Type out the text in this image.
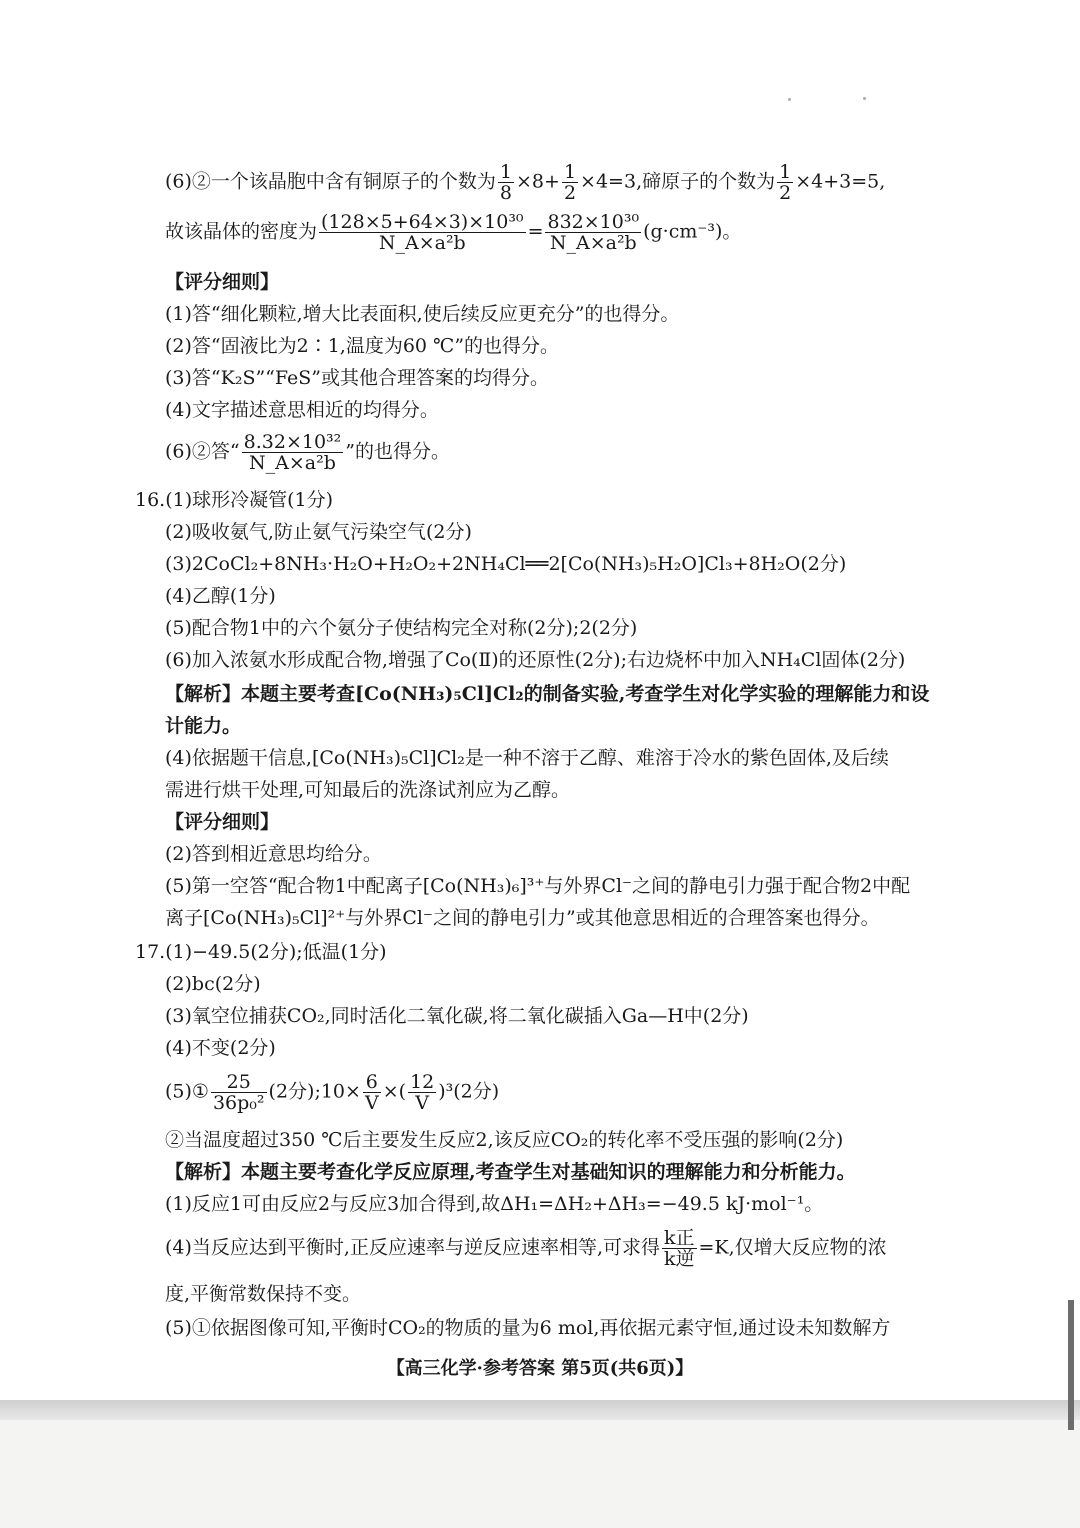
(6)②一个该晶胞中含有铜原子的个数为 $\frac{1}{8} \times 8+ \frac{1}{2} \times 4=3$,碲原子的个数为 $\frac{1}{2} \times 4+3=5$,
故该晶体的密度为 $\frac{\text{(128×5+64×3)×10³⁰}}{\text{N\_A×a²b}} = \frac{\text{832×10³⁰}}{\text{N\_A×a²b}} (g\cdot cm^{-3})$。
【评分细则】
(1)答“细化颗粒,增大比表面积,使后续反应更充分”的也得分。
(2)答“固液比为2∶1,温度为60 ℃”的也得分。
(3)答“K₂S”“FeS”或其他合理答案的均得分。
(4)文字描述意思相近的均得分。
(6)②答“ $\frac{\text{8.32×10³²}}{\text{N\_A×a²b}}$ ”的也得分。
16.(1)球形冷凝管(1分)
(2)吸收氨气,防止氨气污染空气(2分)
(3)2CoCl₂+8NH₃·H₂O+H₂O₂+2NH₄Cl══2[Co(NH₃)₅H₂O]Cl₃+8H₂O(2分)
(4)乙醇(1分)
(5)配合物1中的六个氨分子使结构完全对称(2分);2(2分)
(6)加入浓氨水形成配合物,增强了Co(Ⅱ)的还原性(2分);右边烧杯中加入NH₄Cl固体(2分)
【解析】本题主要考查[Co(NH₃)₅Cl]Cl₂的制备实验,考查学生对化学实验的理解能力和设
计能力。
(4)依据题干信息,[Co(NH₃)₅Cl]Cl₂是一种不溶于乙醇、难溶于冷水的紫色固体,及后续
需进行烘干处理,可知最后的洗涤试剂应为乙醇。
【评分细则】
(2)答到相近意思均给分。
(5)第一空答“配合物1中配离子[Co(NH₃)₆]³⁺与外界Cl⁻之间的静电引力强于配合物2中配
离子[Co(NH₃)₅Cl]²⁺与外界Cl⁻之间的静电引力”或其他意思相近的合理答案也得分。
17.(1)−49.5(2分);低温(1分)
(2)bc(2分)
(3)氧空位捕获CO₂,同时活化二氧化碳,将二氧化碳插入Ga—H中(2分)
(4)不变(2分)
(5)① $\frac{25}{\text{36p₀²}} (2$分);10× $\frac{6}{V}$ ×( $\frac{12}{V} )^3(2$分)
②当温度超过350 ℃后主要发生反应2,该反应CO₂的转化率不受压强的影响(2分)
【解析】本题主要考查化学反应原理,考查学生对基础知识的理解能力和分析能力。
(1)反应1可由反应2与反应3加合得到,故ΔH₁=ΔH₂+ΔH₃=−49.5 kJ·mol⁻¹。
(4)当反应达到平衡时,正反应速率与逆反应速率相等,可求得 $\frac{\text{k正}}{\text{k逆}} =K$,仅增大反应物的浓
度,平衡常数保持不变。
(5)①依据图像可知,平衡时CO₂的物质的量为6 mol,再依据元素守恒,通过设未知数解方
【高三化学·参考答案 第5页(共6页)】
